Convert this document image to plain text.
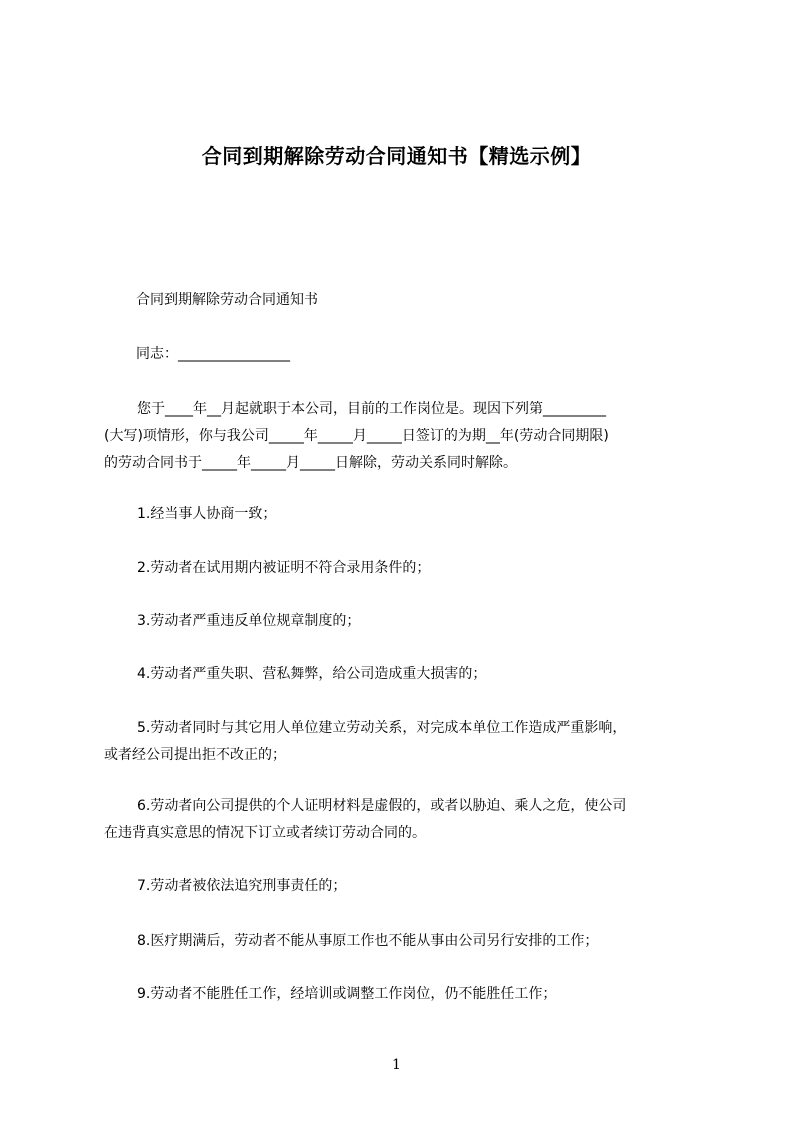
合同到期解除劳动合同通知书【精选示例】
合同到期解除劳动合同通知书
同志：________________
您于____年__月起就职于本公司，目前的工作岗位是。现因下列第_________
(大写)项情形，你与我公司_____年_____月_____日签订的为期__年(劳动合同期限)
的劳动合同书于_____年_____月_____日解除，劳动关系同时解除。
1.经当事人协商一致；
2.劳动者在试用期内被证明不符合录用条件的；
3.劳动者严重违反单位规章制度的；
4.劳动者严重失职、营私舞弊，给公司造成重大损害的；
5.劳动者同时与其它用人单位建立劳动关系，对完成本单位工作造成严重影响，
或者经公司提出拒不改正的；
6.劳动者向公司提供的个人证明材料是虚假的，或者以胁迫、乘人之危，使公司
在违背真实意思的情况下订立或者续订劳动合同的。
7.劳动者被依法追究刑事责任的；
8.医疗期满后，劳动者不能从事原工作也不能从事由公司另行安排的工作；
9.劳动者不能胜任工作，经培训或调整工作岗位，仍不能胜任工作；
1
